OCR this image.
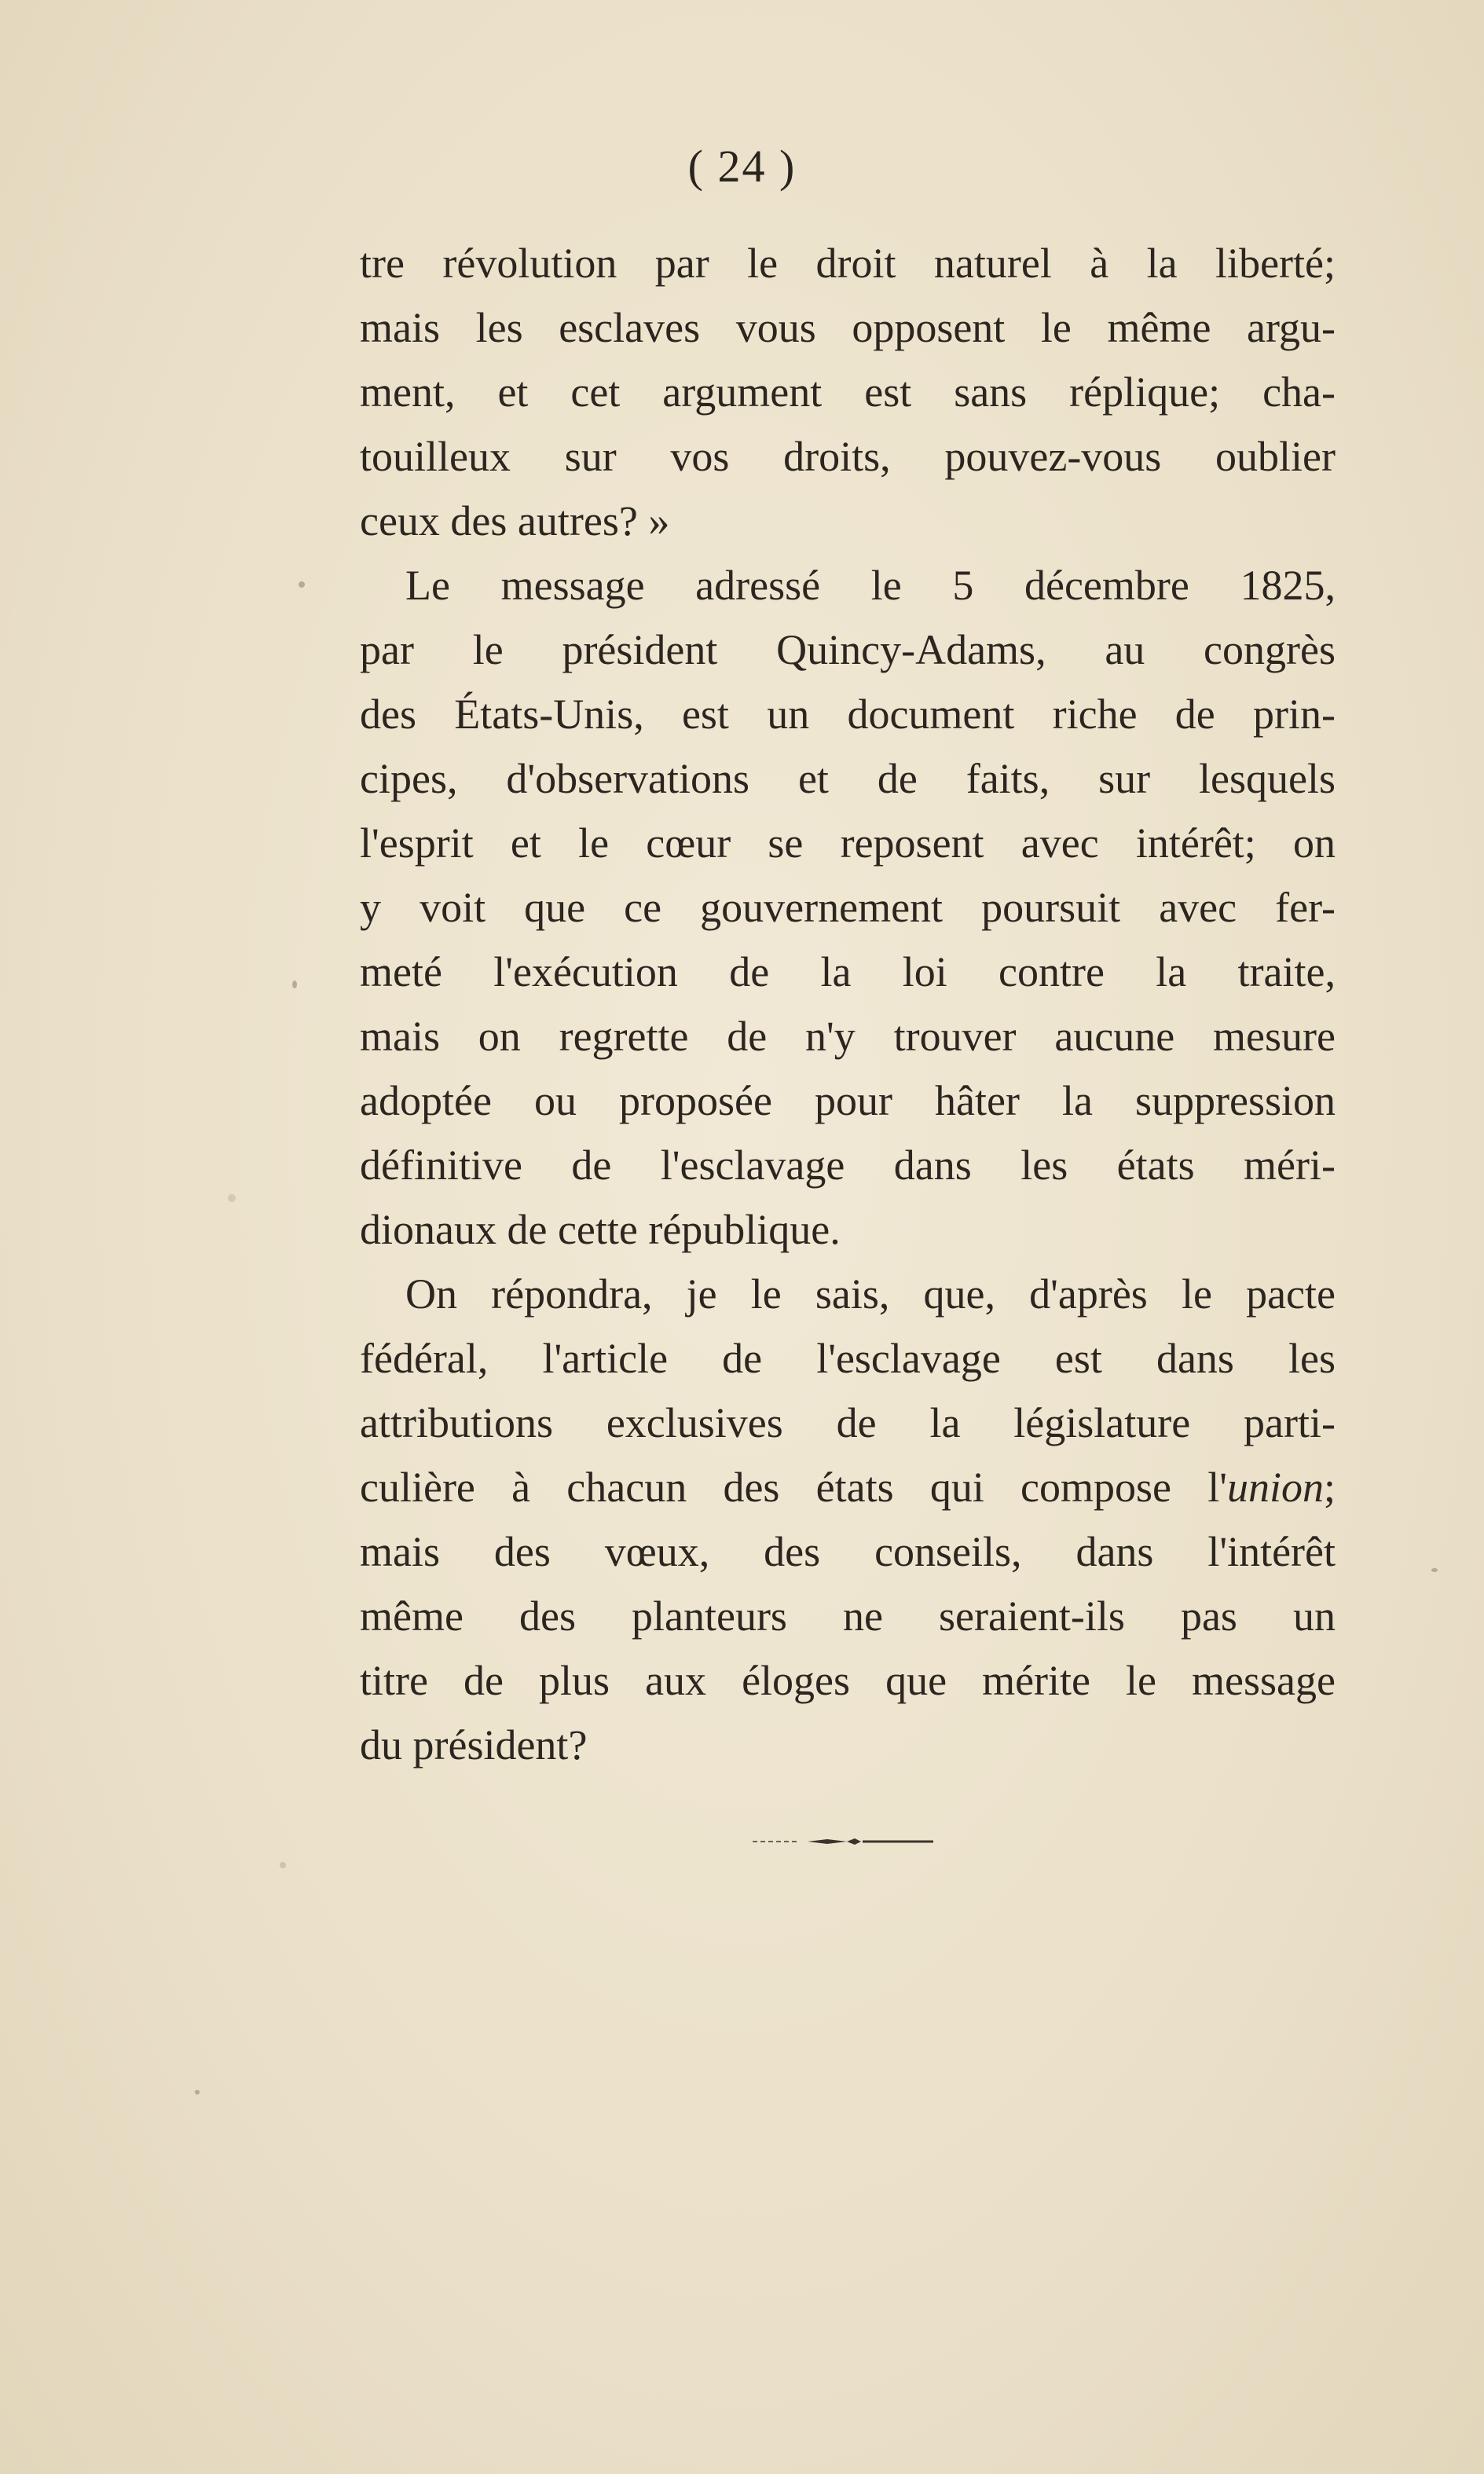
( 24 )
tre révolution par le droit naturel à la liberté;
mais les esclaves vous opposent le même argu-
ment, et cet argument est sans réplique; cha-
touilleux sur vos droits, pouvez-vous oublier
ceux des autres? »
Le message adressé le 5 décembre 1825,
par le président Quincy-Adams, au congrès
des États-Unis, est un document riche de prin-
cipes, d'observations et de faits, sur lesquels
l'esprit et le cœur se reposent avec intérêt; on
y voit que ce gouvernement poursuit avec fer-
meté l'exécution de la loi contre la traite,
mais on regrette de n'y trouver aucune mesure
adoptée ou proposée pour hâter la suppression
définitive de l'esclavage dans les états méri-
dionaux de cette république.
On répondra, je le sais, que, d'après le pacte
fédéral, l'article de l'esclavage est dans les
attributions exclusives de la législature parti-
culière à chacun des états qui compose l'union;
mais des vœux, des conseils, dans l'intérêt
même des planteurs ne seraient-ils pas un
titre de plus aux éloges que mérite le message
du président?
